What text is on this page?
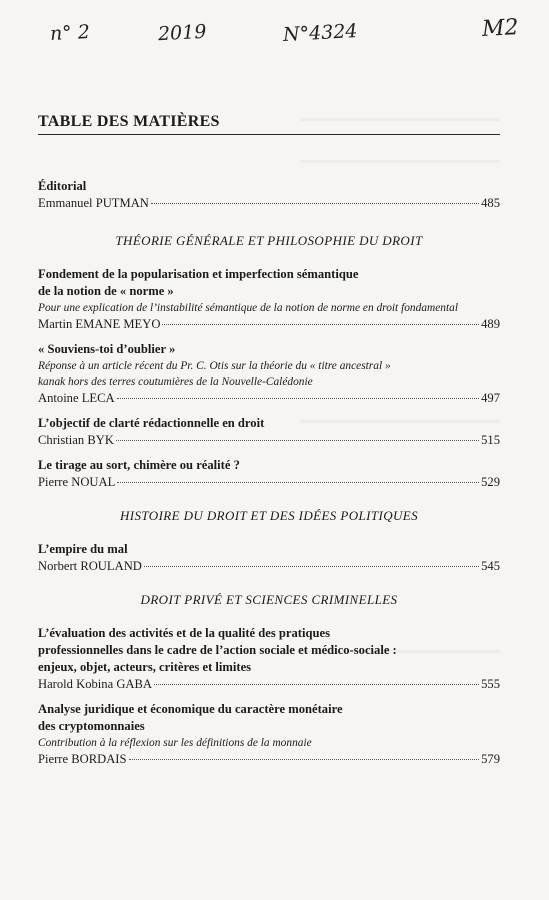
n° 2	2019	N°4324	M2
TABLE DES MATIÈRES
Éditorial
Emmanuel PUTMAN	485
THÉORIE GÉNÉRALE ET PHILOSOPHIE DU DROIT
Fondement de la popularisation et imperfection sémantique
de la notion de « norme »
Pour une explication de l’instabilité sémantique de la notion de norme en droit fondamental
Martin EMANE MEYO	489
« Souviens-toi d’oublier »
Réponse à un article récent du Pr. C. Otis sur la théorie du « titre ancestral »
kanak hors des terres coutumières de la Nouvelle-Calédonie
Antoine LECA	497
L’objectif de clarté rédactionnelle en droit
Christian BYK	515
Le tirage au sort, chimère ou réalité ?
Pierre NOUAL	529
HISTOIRE DU DROIT ET DES IDÉES POLITIQUES
L’empire du mal
Norbert ROULAND	545
DROIT PRIVÉ ET SCIENCES CRIMINELLES
L’évaluation des activités et de la qualité des pratiques
professionnelles dans le cadre de l’action sociale et médico-sociale :
enjeux, objet, acteurs, critères et limites
Harold Kobina GABA	555
Analyse juridique et économique du caractère monétaire
des cryptomonnaies
Contribution à la réflexion sur les définitions de la monnaie
Pierre BORDAIS	579
